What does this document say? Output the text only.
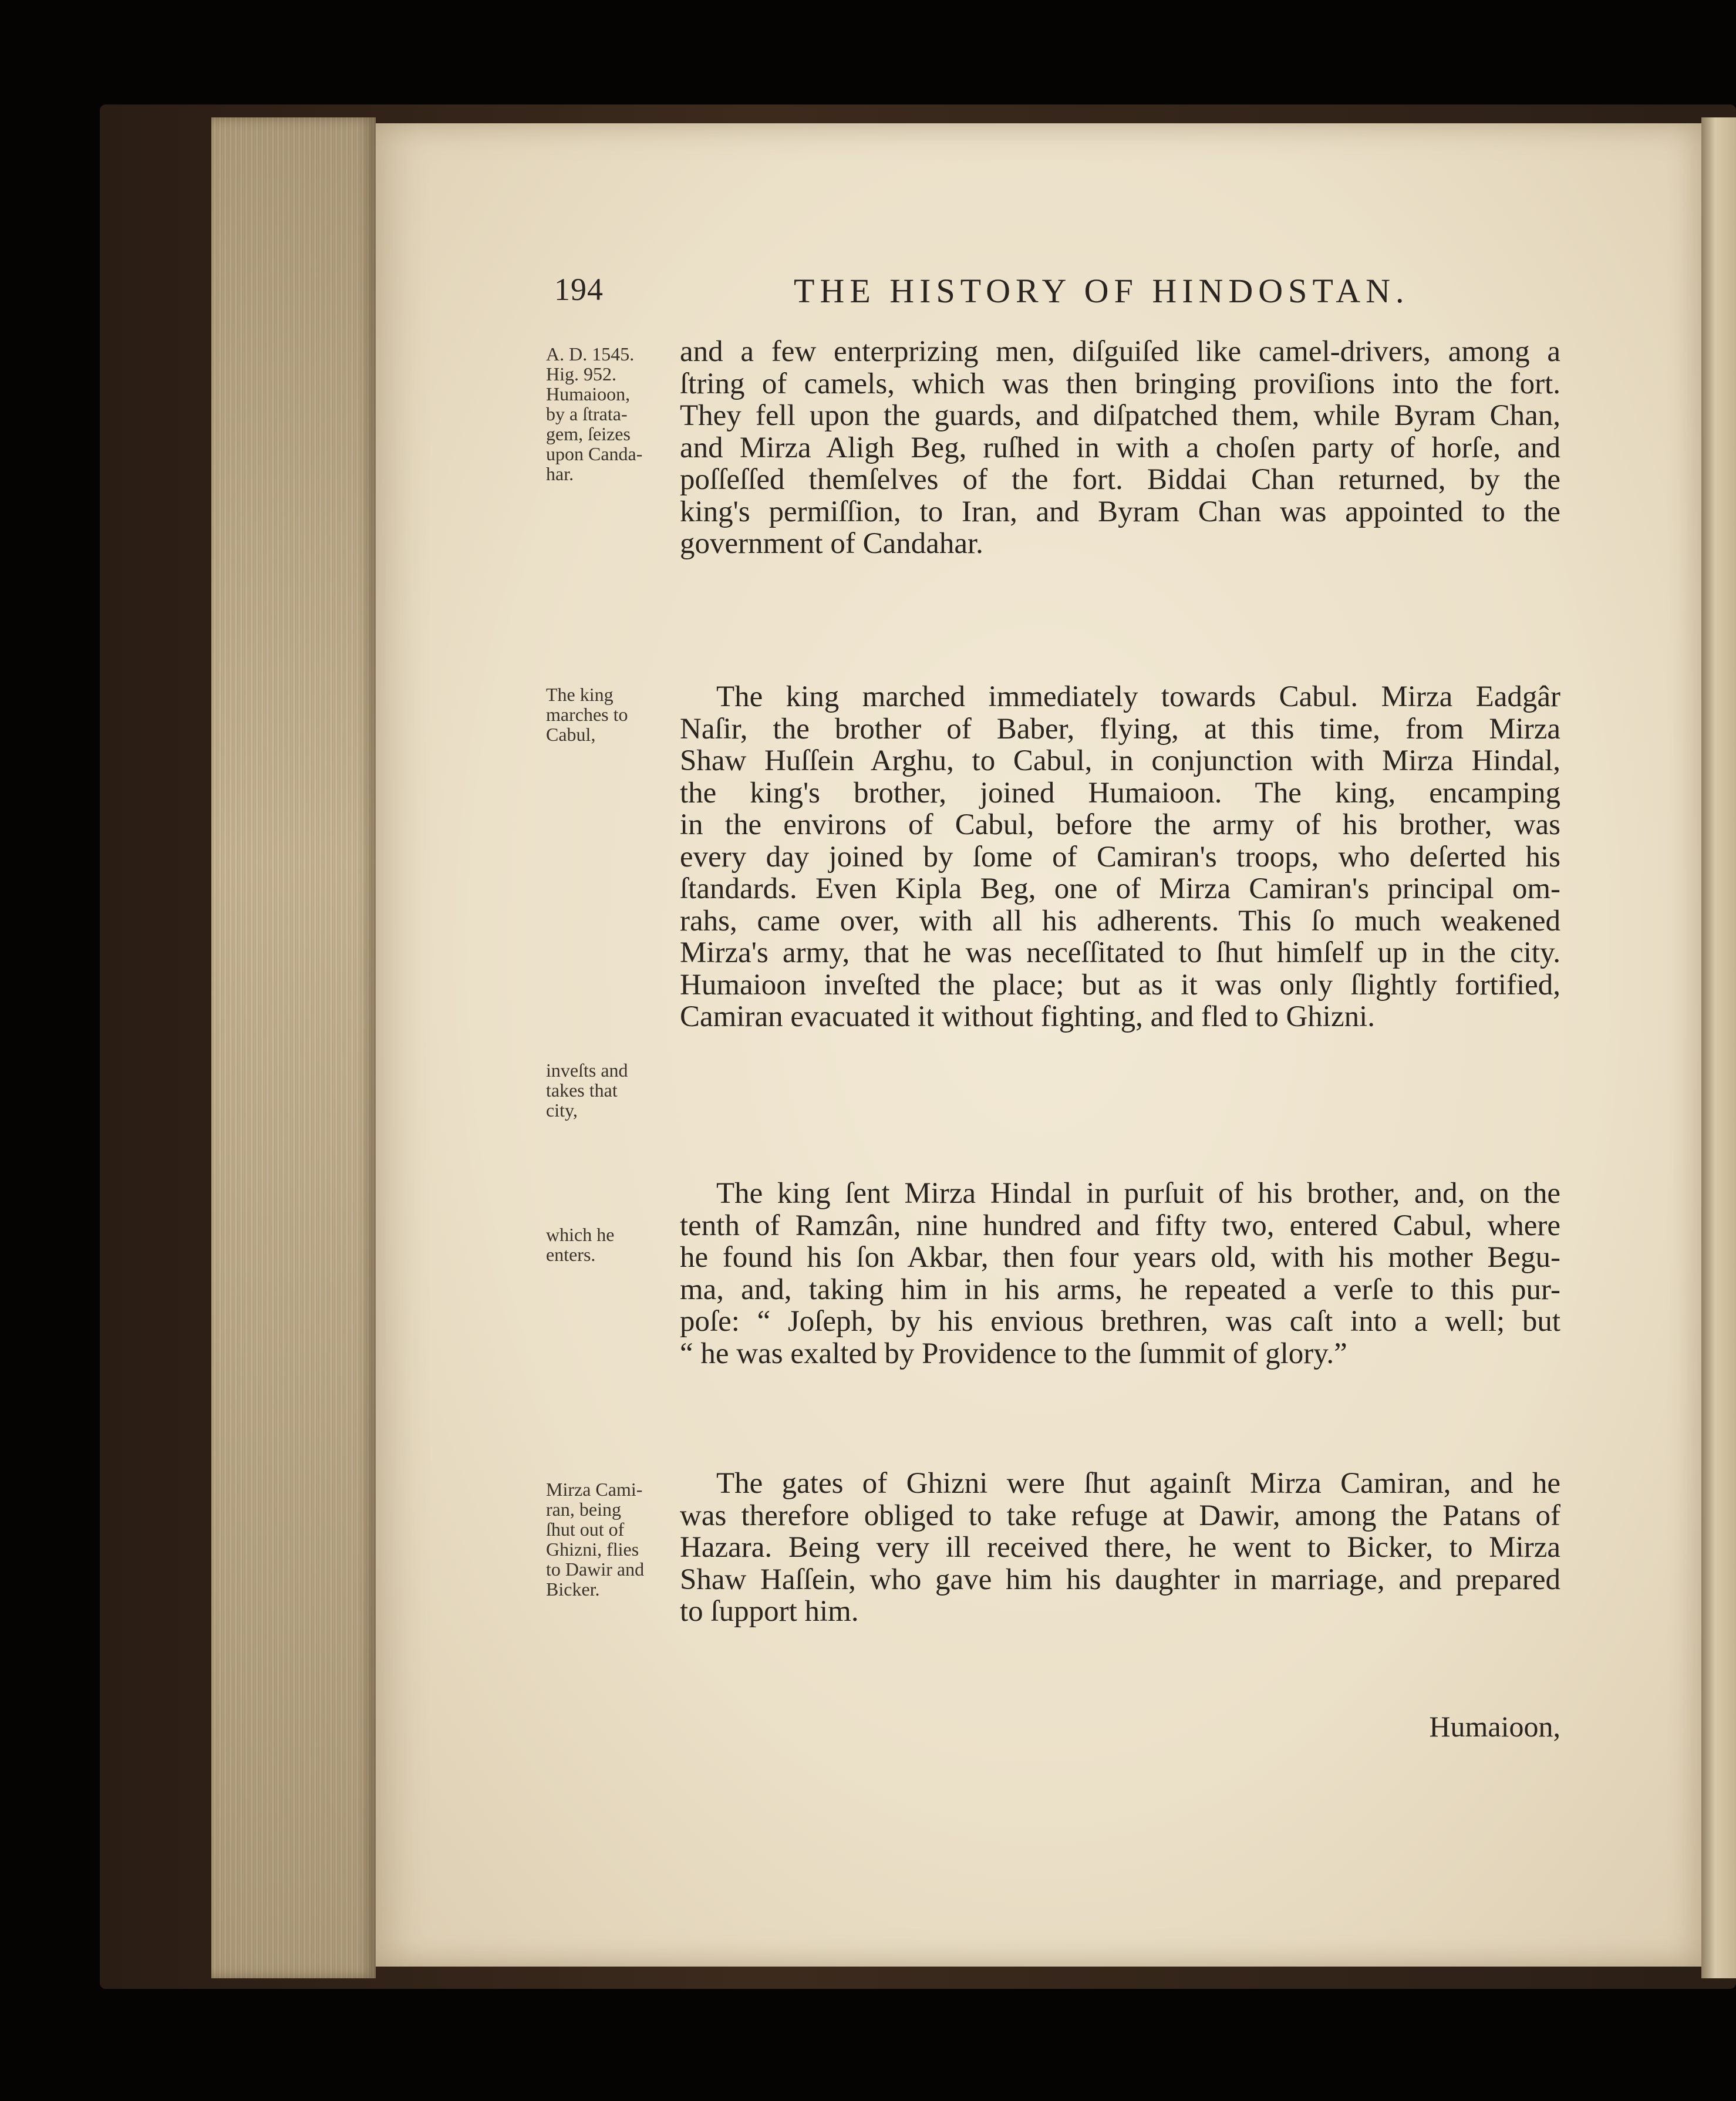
194	THE HISTORY OF HINDOSTAN.
A. D. 1545.
Hig. 952.
Humaioon,
by a ſtrata-
gem, ſeizes
upon Canda-
har.
The king
marches to
Cabul,
inveſts and
takes that
city,
which he
enters.
Mirza Cami-
ran, being
ſhut out of
Ghizni, flies
to Dawir and
Bicker.
and a few enterprizing men, diſguiſed like camel-drivers, among a
ſtring of camels, which was then bringing proviſions into the fort.
They fell upon the guards, and diſpatched them, while Byram Chan,
and Mirza Aligh Beg, ruſhed in with a choſen party of horſe, and
poſſeſſed themſelves of the fort. Biddai Chan returned, by the
king's permiſſion, to Iran, and Byram Chan was appointed to the
government of Candahar.
The king marched immediately towards Cabul. Mirza Eadgâr
Naſir, the brother of Baber, flying, at this time, from Mirza
Shaw Huſſein Arghu, to Cabul, in conjunction with Mirza Hindal,
the king's brother, joined Humaioon. The king, encamping
in the environs of Cabul, before the army of his brother, was
every day joined by ſome of Camiran's troops, who deſerted his
ſtandards. Even Kipla Beg, one of Mirza Camiran's principal om-
rahs, came over, with all his adherents. This ſo much weakened
Mirza's army, that he was neceſſitated to ſhut himſelf up in the city.
Humaioon inveſted the place; but as it was only ſlightly fortified,
Camiran evacuated it without fighting, and fled to Ghizni.
The king ſent Mirza Hindal in purſuit of his brother, and, on the
tenth of Ramzân, nine hundred and fifty two, entered Cabul, where
he found his ſon Akbar, then four years old, with his mother Begu-
ma, and, taking him in his arms, he repeated a verſe to this pur-
poſe: “ Joſeph, by his envious brethren, was caſt into a well; but
“ he was exalted by Providence to the ſummit of glory.”
The gates of Ghizni were ſhut againſt Mirza Camiran, and he
was therefore obliged to take refuge at Dawir, among the Patans of
Hazara. Being very ill received there, he went to Bicker, to Mirza
Shaw Haſſein, who gave him his daughter in marriage, and prepared
to ſupport him.
Humaioon,
